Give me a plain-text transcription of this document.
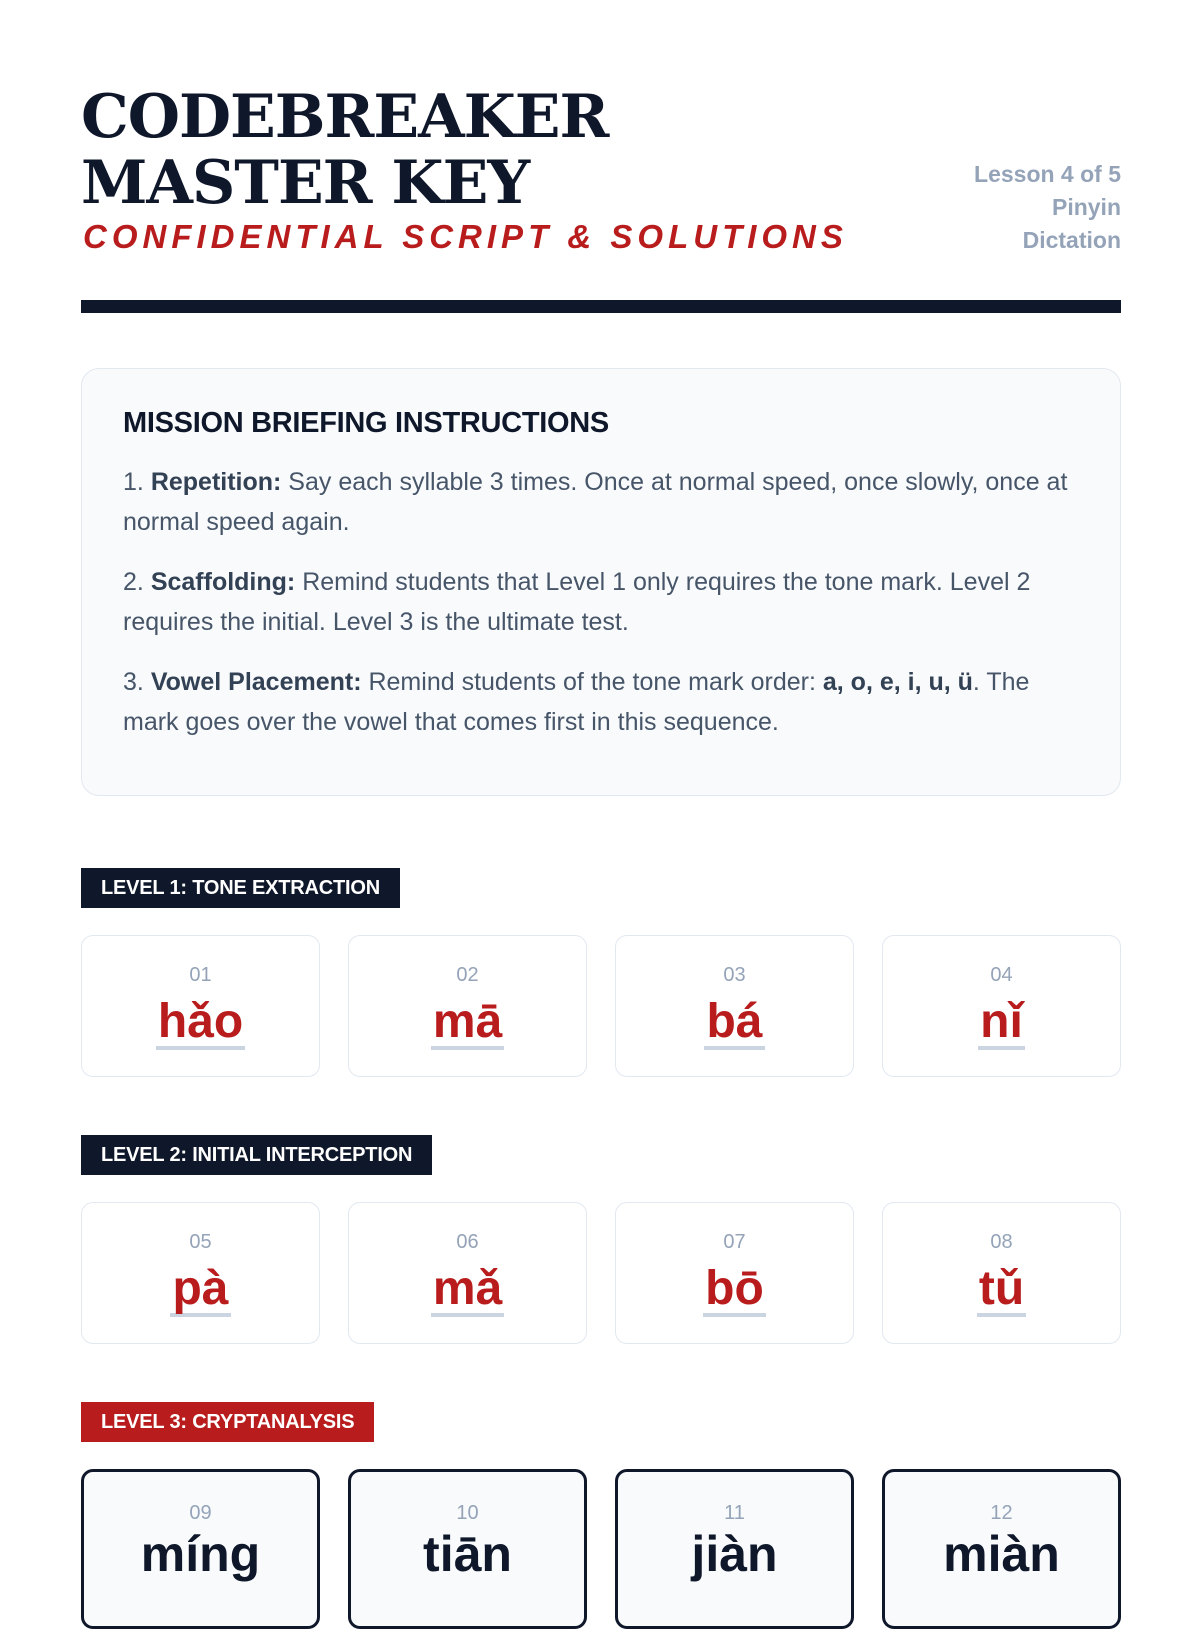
CODEBREAKER MASTER KEY
CONFIDENTIAL SCRIPT & SOLUTIONS
Lesson 4 of 5
Pinyin
Dictation
MISSION BRIEFING INSTRUCTIONS

1. Repetition: Say each syllable 3 times. Once at normal speed, once slowly, once at normal speed again.

2. Scaffolding: Remind students that Level 1 only requires the tone mark. Level 2 requires the initial. Level 3 is the ultimate test.

3. Vowel Placement: Remind students of the tone mark order: a, o, e, i, u, ü. The mark goes over the vowel that comes first in this sequence.

LEVEL 1: TONE EXTRACTION
01
hǎo
02
mā
03
bá
04
nǐ
LEVEL 2: INITIAL INTERCEPTION
05
pà
06
mǎ
07
bō
08
tǔ
LEVEL 3: CRYPTANALYSIS
09
míng
10
tiān
11
jiàn
12
miàn
